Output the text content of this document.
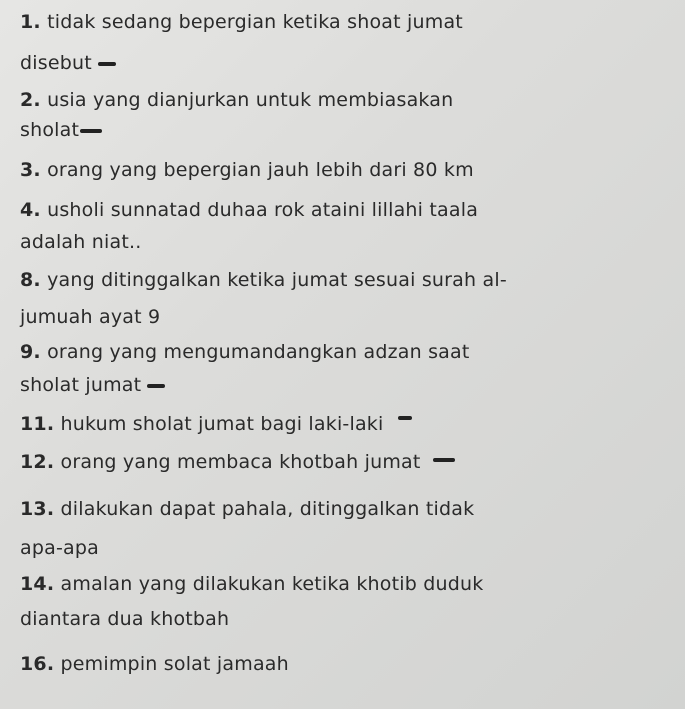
1. tidak sedang bepergian ketika shoat jumat
disebut
2. usia yang dianjurkan untuk membiasakan
sholat
3. orang yang bepergian jauh lebih dari 80 km
4. usholi sunnatad duhaa rok ataini lillahi taala
adalah niat..
8. yang ditinggalkan ketika jumat sesuai surah al-
jumuah ayat 9
9. orang yang mengumandangkan adzan saat
sholat jumat
11. hukum sholat jumat bagi laki-laki
12. orang yang membaca khotbah jumat
13. dilakukan dapat pahala, ditinggalkan tidak
apa-apa
14. amalan yang dilakukan ketika khotib duduk
diantara dua khotbah
16. pemimpin solat jamaah
